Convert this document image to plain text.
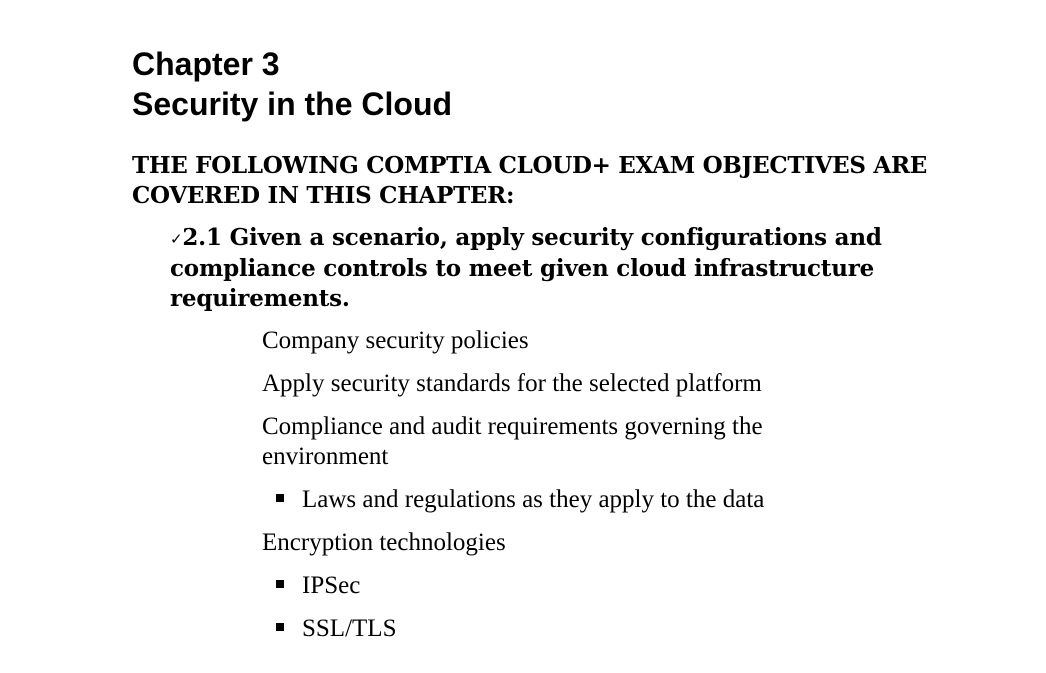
Chapter 3
Security in the Cloud

THE FOLLOWING COMPTIA CLOUD+ EXAM OBJECTIVES ARE COVERED IN THIS CHAPTER:

✓2.1 Given a scenario, apply security configurations and compliance controls to meet given cloud infrastructure requirements.
Company security policies
Apply security standards for the selected platform
Compliance and audit requirements governing the environment
Laws and regulations as they apply to the data
Encryption technologies
IPSec
SSL/TLS
